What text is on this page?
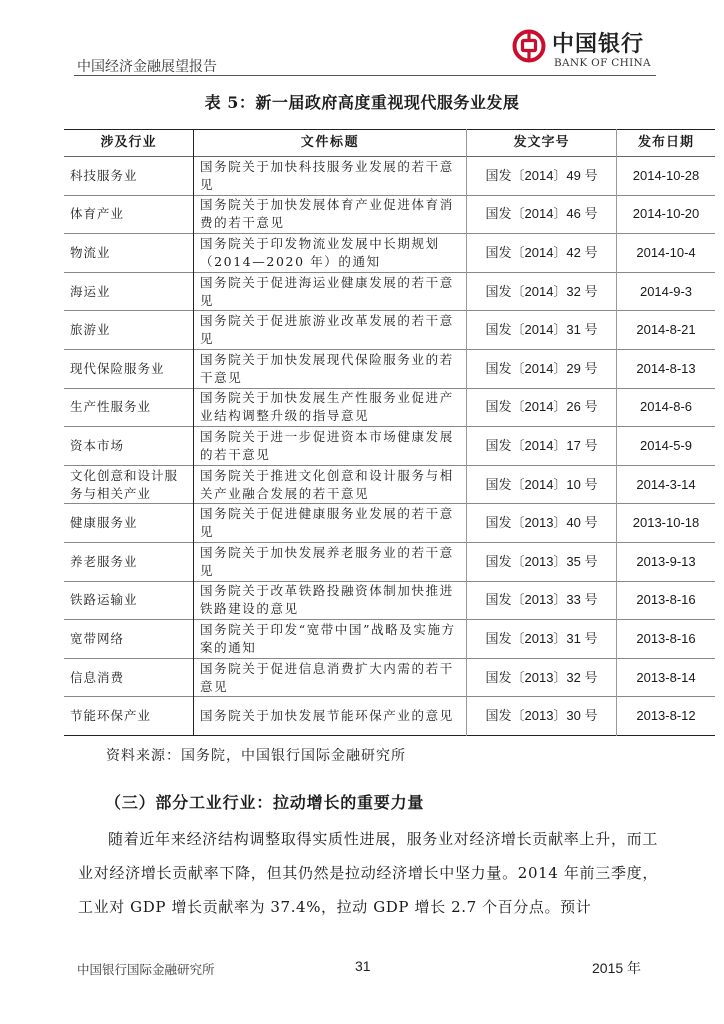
中国经济金融展望报告
中国银行
BANK OF CHINA
表 5：新一届政府高度重视现代服务业发展
涉及行业	文件标题	发文字号	发布日期
科技服务业	国务院关于加快科技服务业发展的若干意见	国发〔2014〕49 号	2014-10-28
体育产业	国务院关于加快发展体育产业促进体育消费的若干意见	国发〔2014〕46 号	2014-10-20
物流业	国务院关于印发物流业发展中长期规划（2014—2020 年）的通知	国发〔2014〕42 号	2014-10-4
海运业	国务院关于促进海运业健康发展的若干意见	国发〔2014〕32 号	2014-9-3
旅游业	国务院关于促进旅游业改革发展的若干意见	国发〔2014〕31 号	2014-8-21
现代保险服务业	国务院关于加快发展现代保险服务业的若干意见	国发〔2014〕29 号	2014-8-13
生产性服务业	国务院关于加快发展生产性服务业促进产业结构调整升级的指导意见	国发〔2014〕26 号	2014-8-6
资本市场	国务院关于进一步促进资本市场健康发展的若干意见	国发〔2014〕17 号	2014-5-9
文化创意和设计服务与相关产业	国务院关于推进文化创意和设计服务与相关产业融合发展的若干意见	国发〔2014〕10 号	2014-3-14
健康服务业	国务院关于促进健康服务业发展的若干意见	国发〔2013〕40 号	2013-10-18
养老服务业	国务院关于加快发展养老服务业的若干意见	国发〔2013〕35 号	2013-9-13
铁路运输业	国务院关于改革铁路投融资体制加快推进铁路建设的意见	国发〔2013〕33 号	2013-8-16
宽带网络	国务院关于印发“宽带中国”战略及实施方案的通知	国发〔2013〕31 号	2013-8-16
信息消费	国务院关于促进信息消费扩大内需的若干意见	国发〔2013〕32 号	2013-8-14
节能环保产业	国务院关于加快发展节能环保产业的意见	国发〔2013〕30 号	2013-8-12
资料来源：国务院，中国银行国际金融研究所
（三）部分工业行业：拉动增长的重要力量

随着近年来经济结构调整取得实质性进展，服务业对经济增长贡献率上升，而工业对经济增长贡献率下降，但其仍然是拉动经济增长中坚力量。2014 年前三季度，工业对 GDP 增长贡献率为 37.4%，拉动 GDP 增长 2.7 个百分点。预计

中国银行国际金融研究所	31	2015 年
